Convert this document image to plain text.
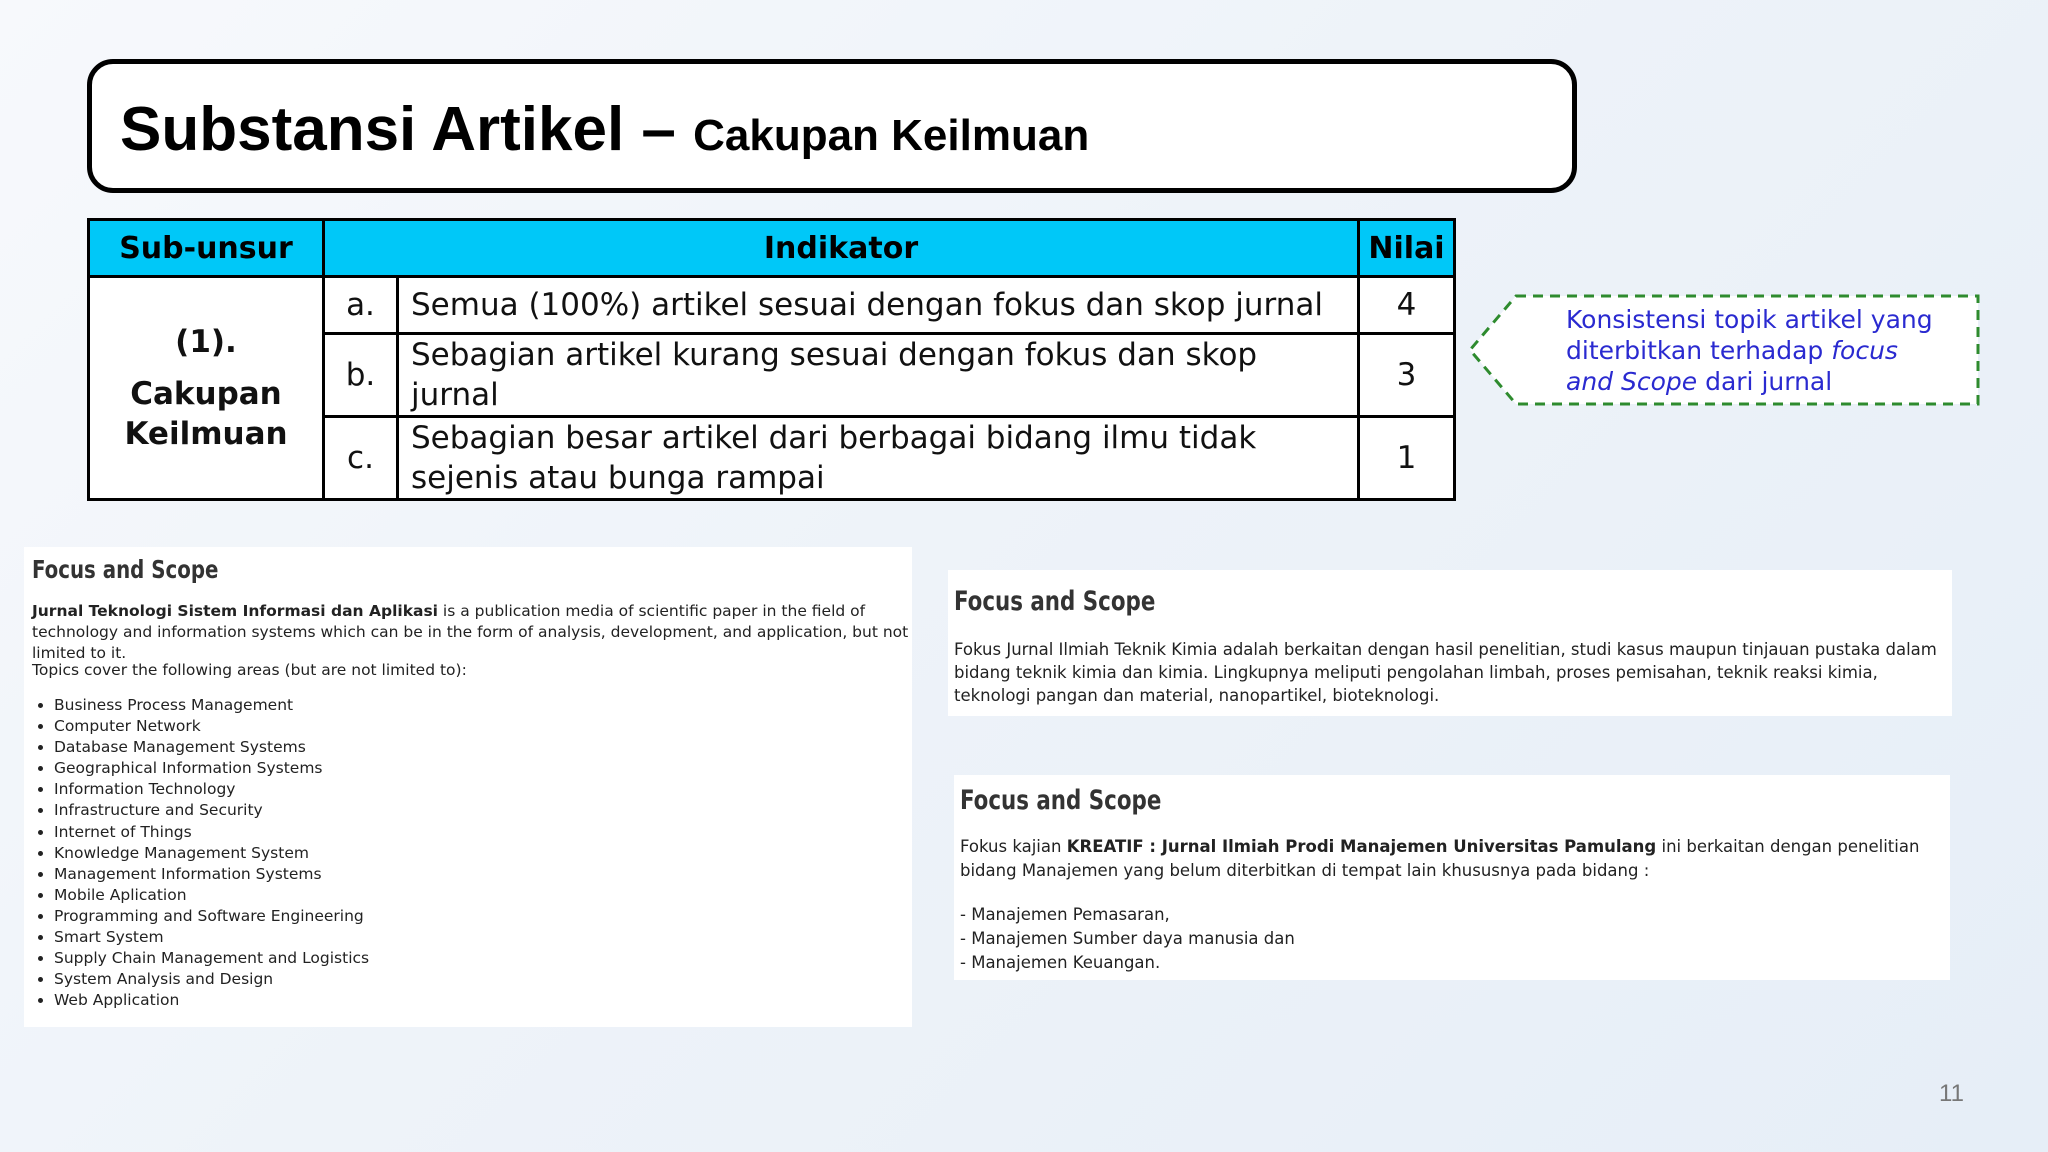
Substansi Artikel – Cakupan Keilmuan
Sub-unsur	Indikator		Nilai

(1).
Cakupan
Keilmuan	a.	Semua (100%) artikel sesuai dengan fokus dan skop jurnal	4
	b.	Sebagian artikel kurang sesuai dengan fokus dan skop jurnal	3
	c.	Sebagian besar artikel dari berbagai bidang ilmu tidak
sejenis atau bunga rampai	1
Konsistensi topik artikel yang
diterbitkan terhadap focus
and Scope dari jurnal
Focus and Scope
Jurnal Teknologi Sistem Informasi dan Aplikasi is a publication media of scientific paper in the field of technology and information systems which can be in the form of analysis, development, and application, but not limited to it.
Topics cover the following areas (but are not limited to):
• Business Process Management
• Computer Network
• Database Management Systems
• Geographical Information Systems
• Information Technology
• Infrastructure and Security
• Internet of Things
• Knowledge Management System
• Management Information Systems
• Mobile Aplication
• Programming and Software Engineering
• Smart System
• Supply Chain Management and Logistics
• System Analysis and Design
• Web Application
Focus and Scope

Fokus Jurnal Ilmiah Teknik Kimia adalah berkaitan dengan hasil penelitian, studi kasus maupun tinjauan pustaka dalam bidang teknik kimia dan kimia. Lingkupnya meliputi pengolahan limbah, proses pemisahan, teknik reaksi kimia, teknologi pangan dan material, nanopartikel, bioteknologi.

Focus and Scope

Fokus kajian KREATIF : Jurnal Ilmiah Prodi Manajemen Universitas Pamulang ini berkaitan dengan penelitian bidang Manajemen yang belum diterbitkan di tempat lain khususnya pada bidang :

- Manajemen Pemasaran,
- Manajemen Sumber daya manusia dan
- Manajemen Keuangan.
11
